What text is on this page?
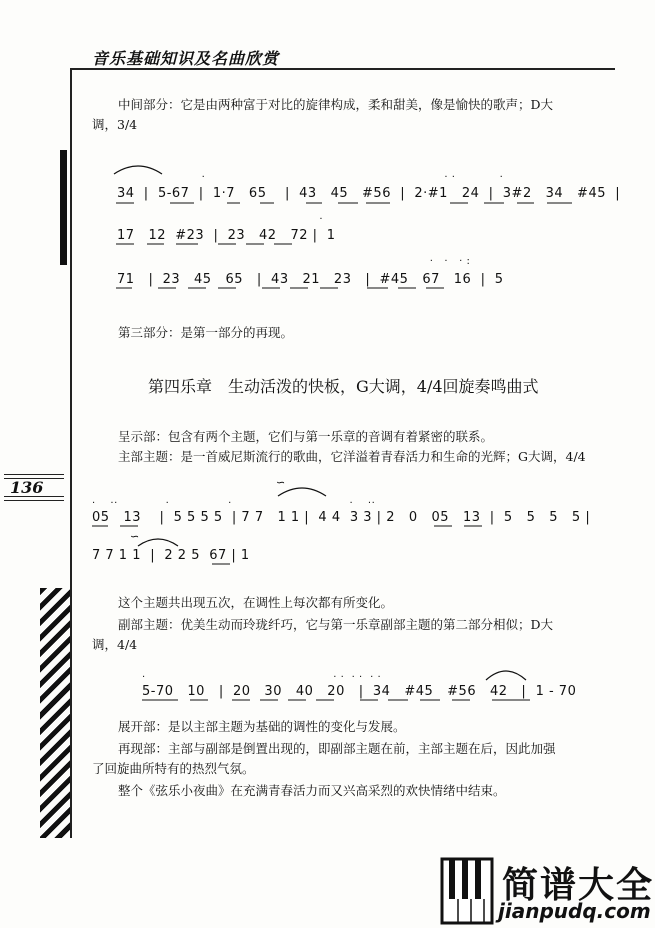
音乐基础知识及名曲欣赏
136
中间部分：它是由两种富于对比的旋律构成，柔和甜美，像是愉快的歌声；D大
调，3/4
·                                                                 · ·            ·
34  |  5-67  |  1·7   65    |  43   45   #56  |  2·#1   24  |  3#2   34   #45  |
·
17   12  #23  |  23   42   72 |  1
·   ·   · :
71   |  23   45   65   |  43   21   23   |  #45   67   16  |  5
第三部分：是第一部分的再现。
第四乐章　生动活泼的快板，G大调，4/4回旋奏鸣曲式
呈示部：包含有两个主题，它们与第一乐章的音调有着紧密的联系。
主部主题：是一首威尼斯流行的歌曲，它洋溢着青春活力和生命的光辉；G大调，4/4
∽
·    ··             ·                ·                                ·    ··
05   13    |  5 5 5 5  | 7 7   1 1 |  4 4  3 3 | 2   0   05   13  |  5   5   5   5 |
∽
7 7 1 1  |  2 2 5  67 | 1
这个主题共出现五次，在调性上每次都有所变化。
副部主题：优美生动而玲珑纤巧，它与第一乐章副部主题的第二部分相似；D大
调，4/4
·                                                   · ·  · ·  · ·
5-70   10   |  20   30   40   20   |  34   #45   #56   42   |  1 - 70
展开部：是以主部主题为基础的调性的变化与发展。
再现部：主部与副部是倒置出现的，即副部主题在前，主部主题在后，因此加强
了回旋曲所特有的热烈气氛。
整个《弦乐小夜曲》在充满青春活力而又兴高采烈的欢快情绪中结束。
简谱大全
jianpudq.com
